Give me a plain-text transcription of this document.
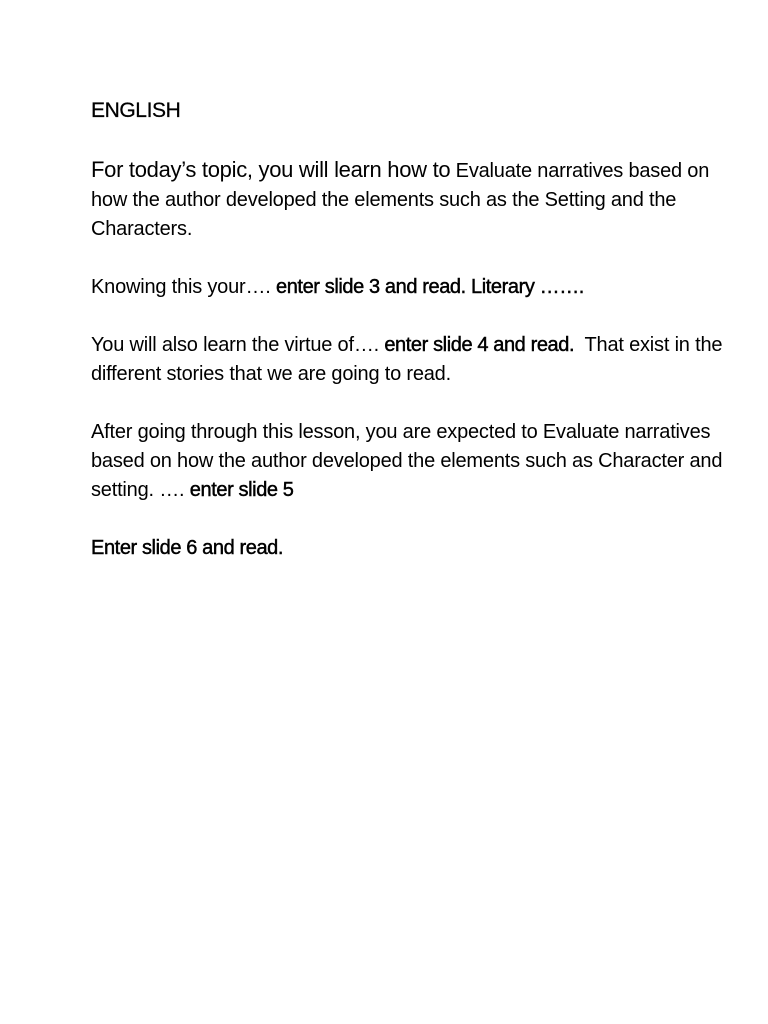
ENGLISH

For today’s topic, you will learn how to Evaluate narratives based on how the author developed the elements such as the Setting and the Characters.

Knowing this your…. enter slide 3 and read. Literary …….

You will also learn the virtue of…. enter slide 4 and read.  That exist in the different stories that we are going to read.

After going through this lesson, you are expected to Evaluate narratives based on how the author developed the elements such as Character and setting. …. enter slide 5

Enter slide 6 and read.
